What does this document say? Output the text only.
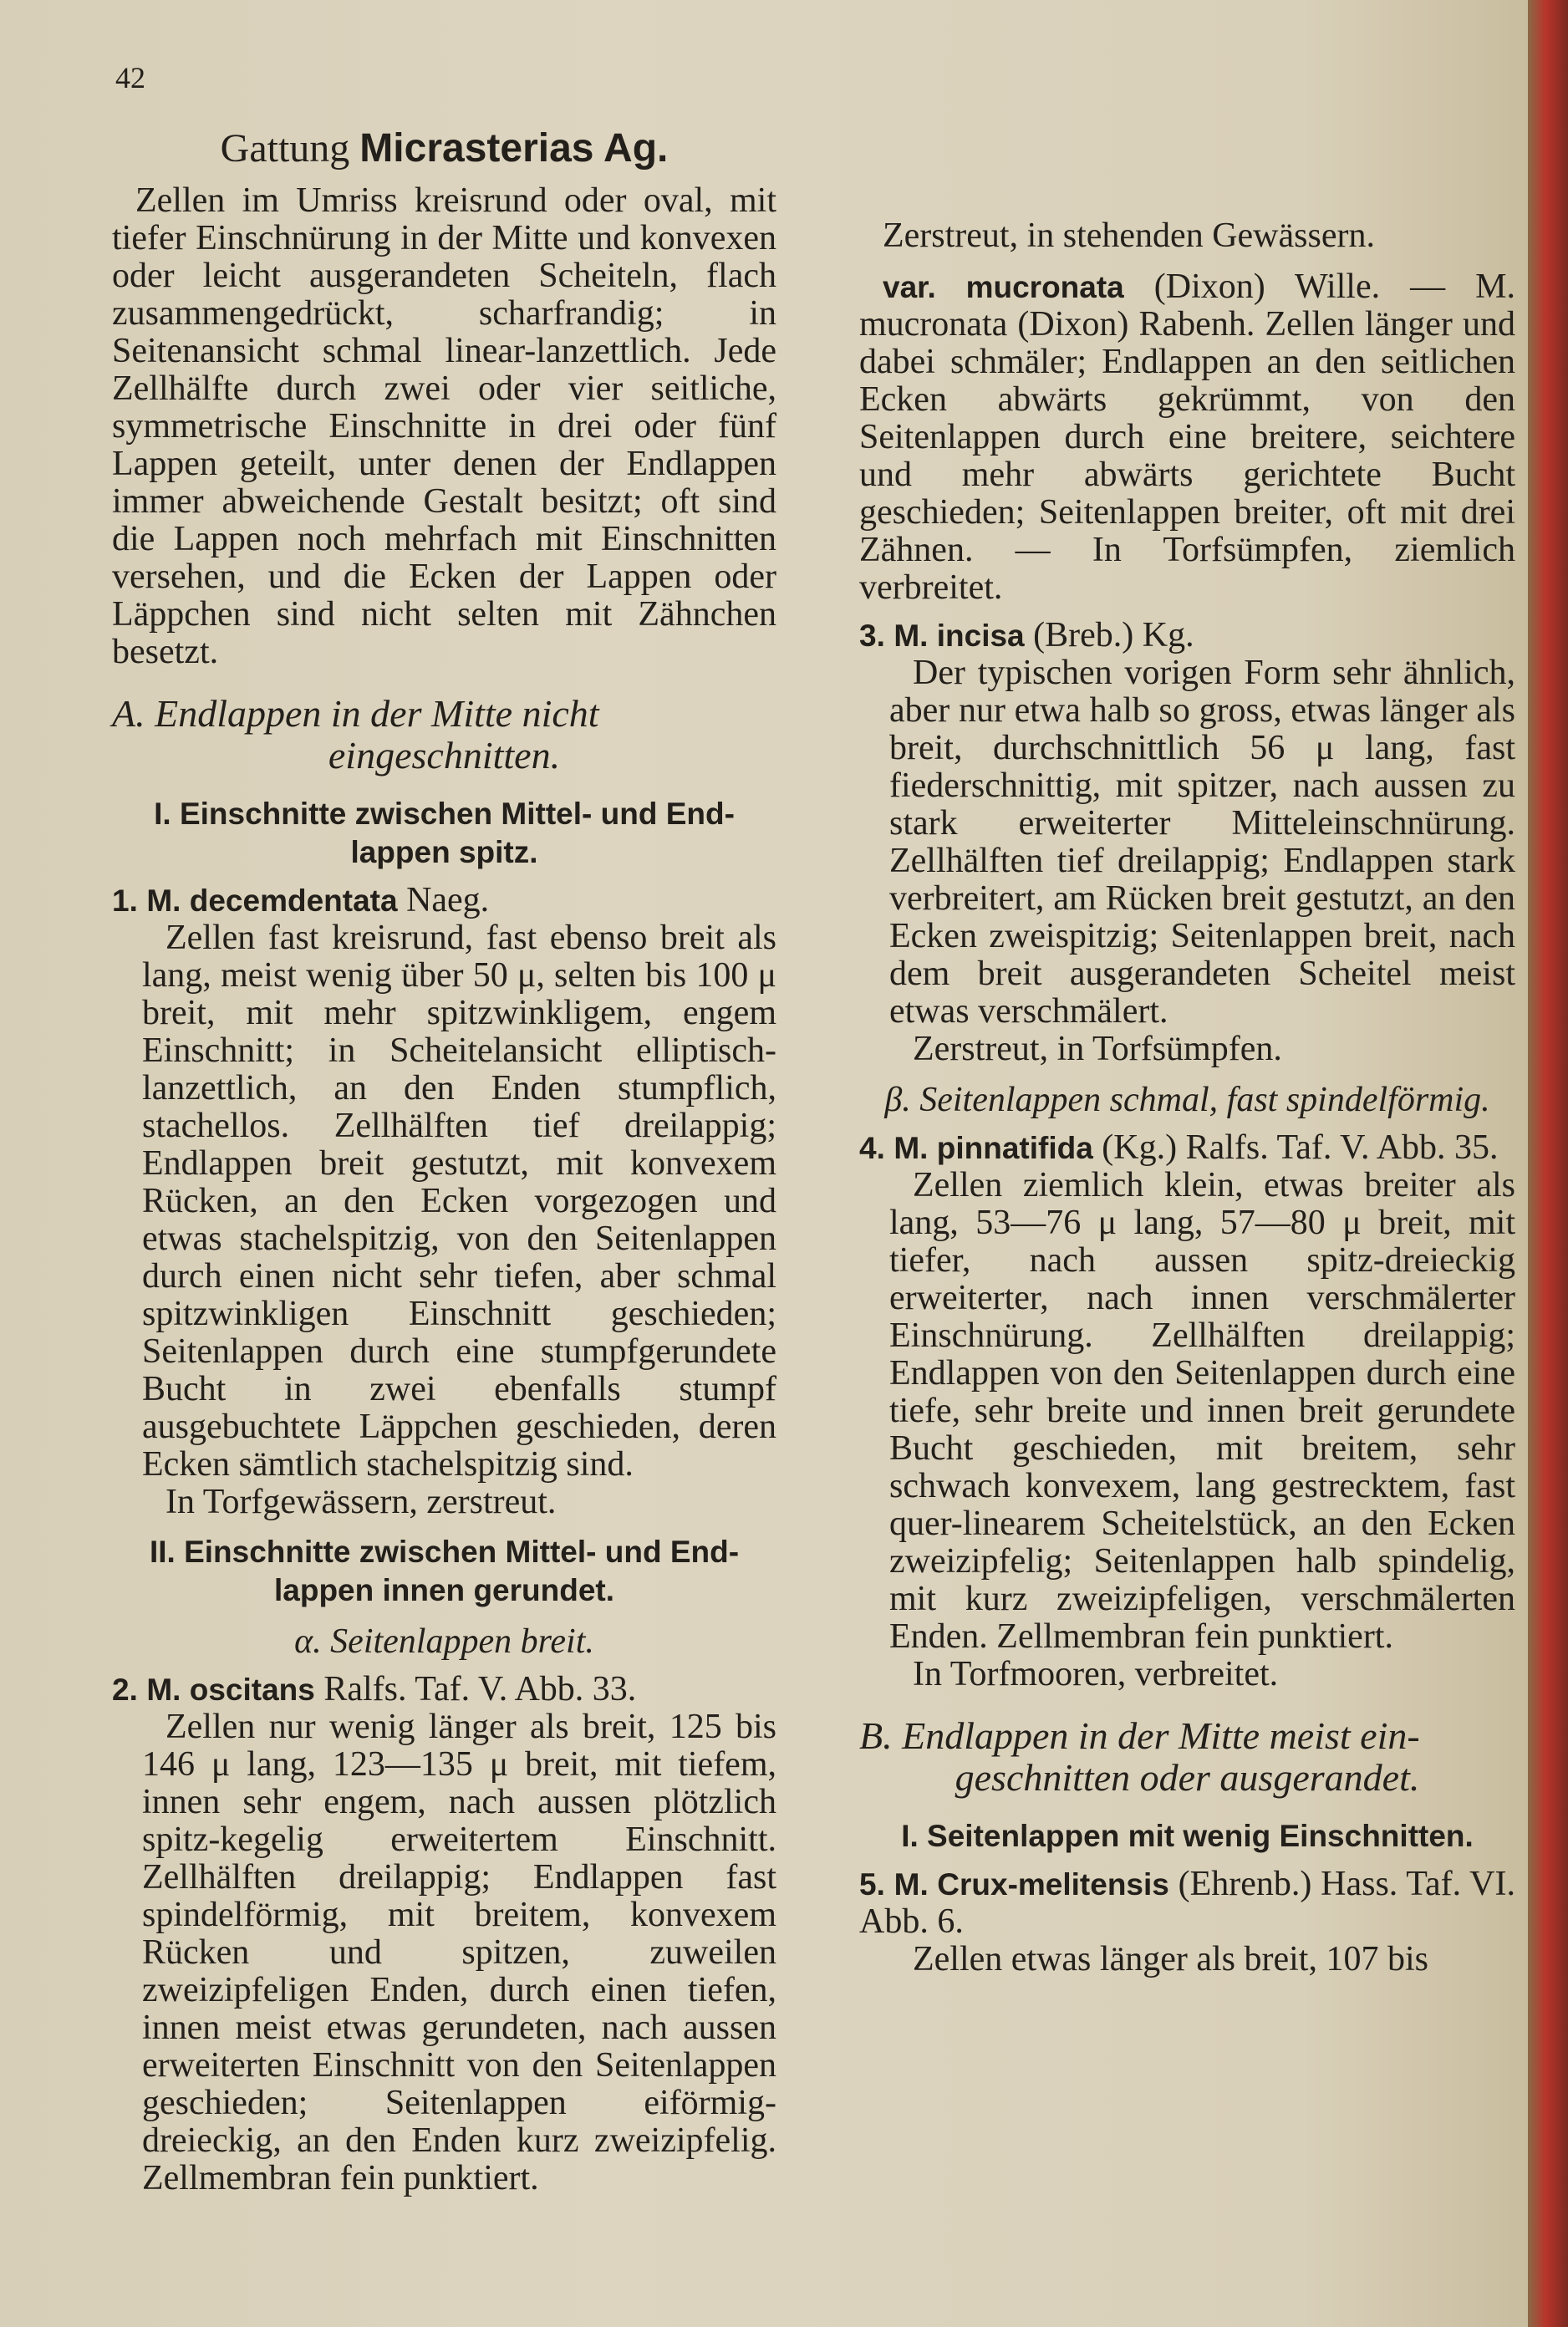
42
Gattung Micrasterias Ag.

Zellen im Umriss kreisrund oder oval, mit tiefer Einschnürung in der Mitte und konvexen oder leicht ausgerandeten Scheiteln, flach zusammengedrückt, scharfrandig; in Seitenansicht schmal linear-lanzettlich. Jede Zellhälfte durch zwei oder vier seitliche, symmetrische Einschnitte in drei oder fünf Lappen geteilt, unter denen der Endlappen immer abweichende Gestalt besitzt; oft sind die Lappen noch mehrfach mit Einschnitten versehen, und die Ecken der Lappen oder Läppchen sind nicht selten mit Zähnchen besetzt.

A. Endlappen in der Mitte nicht
eingeschnitten.
I. Einschnitte zwischen Mittel- und End-
lappen spitz.

1. M. decemdentata Naeg.

Zellen fast kreisrund, fast ebenso breit als lang, meist wenig über 50 μ, selten bis 100 μ breit, mit mehr spitzwinkligem, engem Einschnitt; in Scheitelansicht elliptisch-lanzettlich, an den Enden stumpflich, stachellos. Zellhälften tief dreilappig; Endlappen breit gestutzt, mit konvexem Rücken, an den Ecken vorgezogen und etwas stachelspitzig, von den Seitenlappen durch einen nicht sehr tiefen, aber schmal spitzwinkligen Einschnitt geschieden; Seitenlappen durch eine stumpfgerundete Bucht in zwei ebenfalls stumpf ausgebuchtete Läppchen geschieden, deren Ecken sämtlich stachelspitzig sind.

In Torfgewässern, zerstreut.

II. Einschnitte zwischen Mittel- und End-
lappen innen gerundet.

α. Seitenlappen breit.

2. M. oscitans Ralfs. Taf. V. Abb. 33.

Zellen nur wenig länger als breit, 125 bis 146 μ lang, 123—135 μ breit, mit tiefem, innen sehr engem, nach aussen plötzlich spitz-kegelig erweitertem Einschnitt. Zellhälften dreilappig; Endlappen fast spindelförmig, mit breitem, konvexem Rücken und spitzen, zuweilen zweizipfeligen Enden, durch einen tiefen, innen meist etwas gerundeten, nach aussen erweiterten Einschnitt von den Seitenlappen geschieden; Seitenlappen eiförmig-dreieckig, an den Enden kurz zweizipfelig. Zellmembran fein punktiert.

Zerstreut, in stehenden Gewässern.

var. mucronata (Dixon) Wille. — M. mucronata (Dixon) Rabenh. Zellen länger und dabei schmäler; Endlappen an den seitlichen Ecken abwärts gekrümmt, von den Seitenlappen durch eine breitere, seichtere und mehr abwärts gerichtete Bucht geschieden; Seitenlappen breiter, oft mit drei Zähnen. — In Torfsümpfen, ziemlich verbreitet.

3. M. incisa (Breb.) Kg.

Der typischen vorigen Form sehr ähnlich, aber nur etwa halb so gross, etwas länger als breit, durchschnittlich 56 μ lang, fast fiederschnittig, mit spitzer, nach aussen zu stark erweiterter Mitteleinschnürung. Zellhälften tief dreilappig; Endlappen stark verbreitert, am Rücken breit gestutzt, an den Ecken zweispitzig; Seitenlappen breit, nach dem breit ausgerandeten Scheitel meist etwas verschmälert.

Zerstreut, in Torfsümpfen.

β. Seitenlappen schmal, fast spindelförmig.

4. M. pinnatifida (Kg.) Ralfs. Taf. V. Abb. 35.

Zellen ziemlich klein, etwas breiter als lang, 53—76 μ lang, 57—80 μ breit, mit tiefer, nach aussen spitz-dreieckig erweiterter, nach innen verschmälerter Einschnürung. Zellhälften dreilappig; Endlappen von den Seitenlappen durch eine tiefe, sehr breite und innen breit gerundete Bucht geschieden, mit breitem, sehr schwach konvexem, lang gestrecktem, fast quer-linearem Scheitelstück, an den Ecken zweizipfelig; Seitenlappen halb spindelig, mit kurz zweizipfeligen, verschmälerten Enden. Zellmembran fein punktiert.

In Torfmooren, verbreitet.

B. Endlappen in der Mitte meist ein-
geschnitten oder ausgerandet.
I. Seitenlappen mit wenig Einschnitten.

5. M. Crux-melitensis (Ehrenb.) Hass. Taf. VI. Abb. 6.

Zellen etwas länger als breit, 107 bis
